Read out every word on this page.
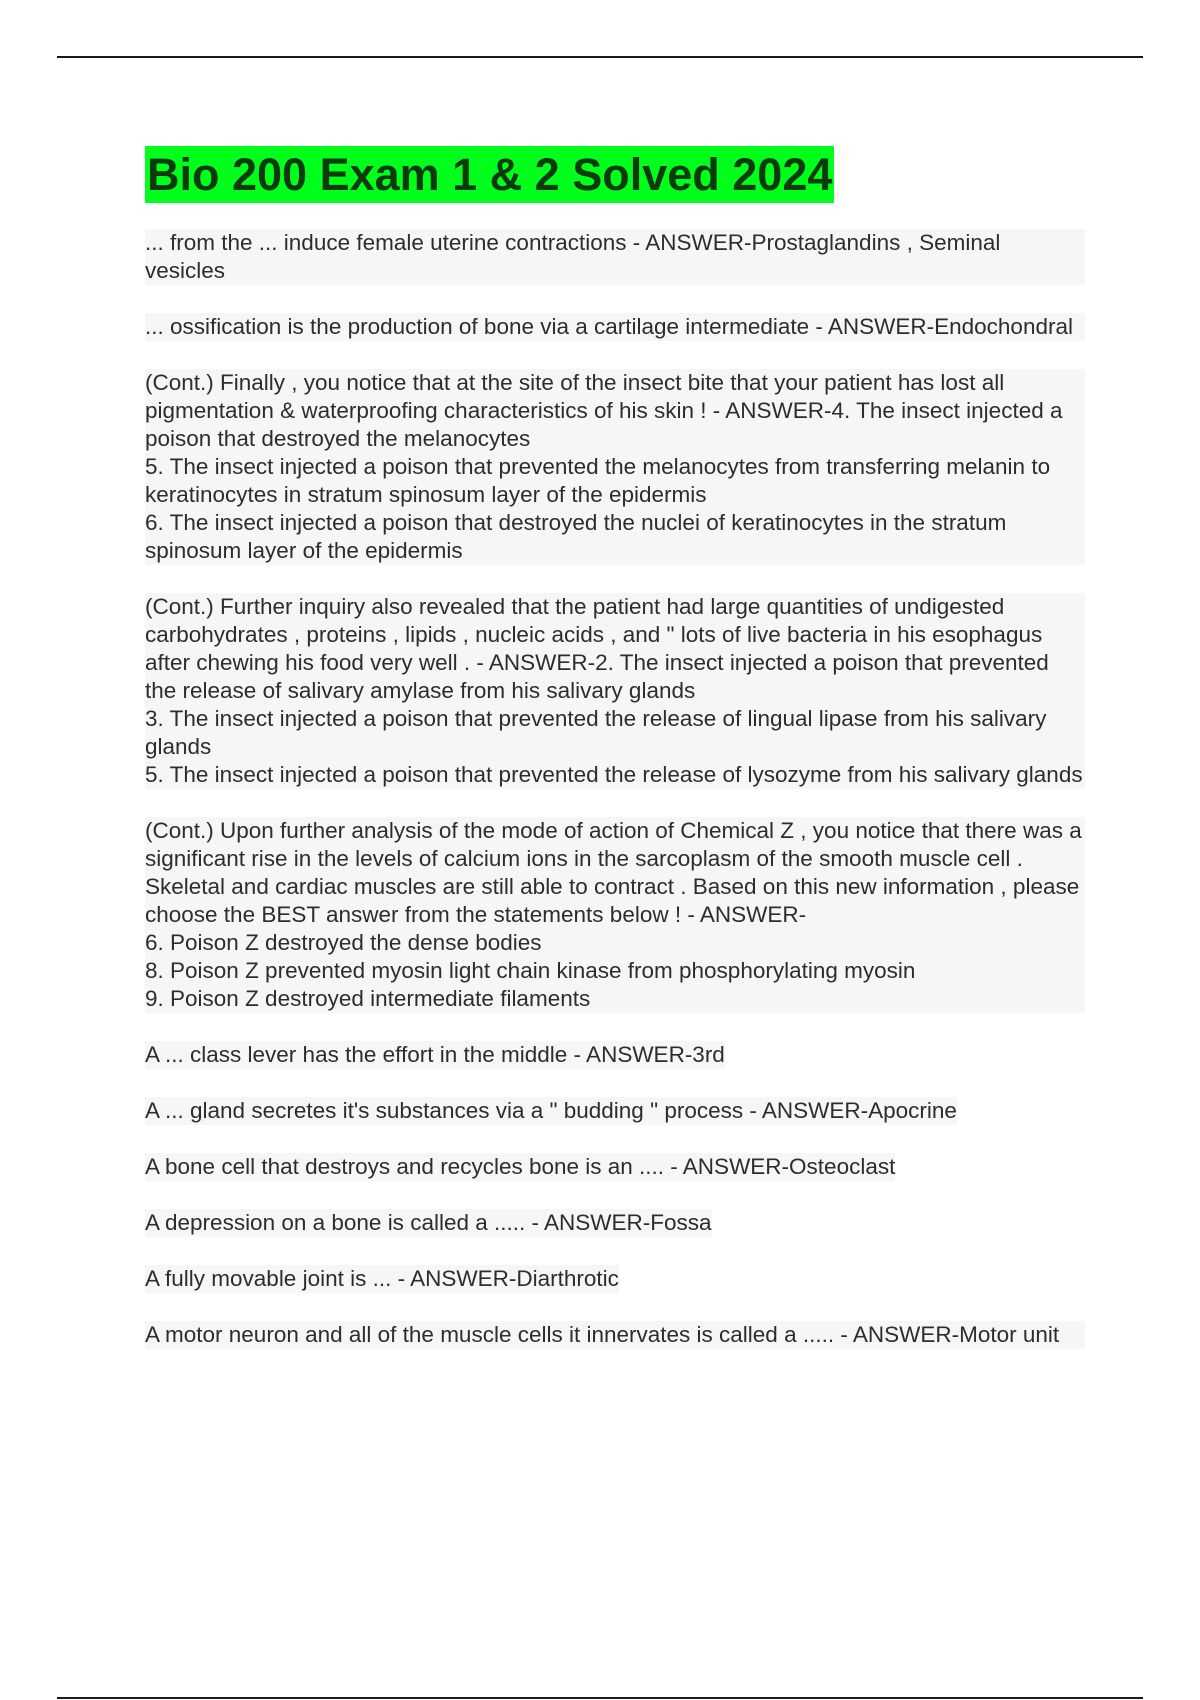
Bio 200 Exam 1 & 2 Solved 2024

... from the ... induce female uterine contractions - ANSWER-Prostaglandins , Seminal vesicles

... ossification is the production of bone via a cartilage intermediate - ANSWER-Endochondral

(Cont.) Finally , you notice that at the site of the insect bite that your patient has lost all pigmentation & waterproofing characteristics of his skin ! - ANSWER-4. The insect injected a poison that destroyed the melanocytes

5. The insect injected a poison that prevented the melanocytes from transferring melanin to keratinocytes in stratum spinosum layer of the epidermis

6. The insect injected a poison that destroyed the nuclei of keratinocytes in the stratum spinosum layer of the epidermis

(Cont.) Further inquiry also revealed that the patient had large quantities of undigested carbohydrates , proteins , lipids , nucleic acids , and " lots of live bacteria in his esophagus after chewing his food very well . - ANSWER-2. The insect injected a poison that prevented the release of salivary amylase from his salivary glands

3. The insect injected a poison that prevented the release of lingual lipase from his salivary glands

5. The insect injected a poison that prevented the release of lysozyme from his salivary glands

(Cont.) Upon further analysis of the mode of action of Chemical Z , you notice that there was a significant rise in the levels of calcium ions in the sarcoplasm of the smooth muscle cell . Skeletal and cardiac muscles are still able to contract . Based on this new information , please choose the BEST answer from the statements below ! - ANSWER-

6. Poison Z destroyed the dense bodies

8. Poison Z prevented myosin light chain kinase from phosphorylating myosin

9. Poison Z destroyed intermediate filaments

A ... class lever has the effort in the middle - ANSWER-3rd

A ... gland secretes it's substances via a " budding " process - ANSWER-Apocrine

A bone cell that destroys and recycles bone is an .... - ANSWER-Osteoclast

A depression on a bone is called a ..... - ANSWER-Fossa

A fully movable joint is ... - ANSWER-Diarthrotic

A motor neuron and all of the muscle cells it innervates is called a ..... - ANSWER-Motor unit
